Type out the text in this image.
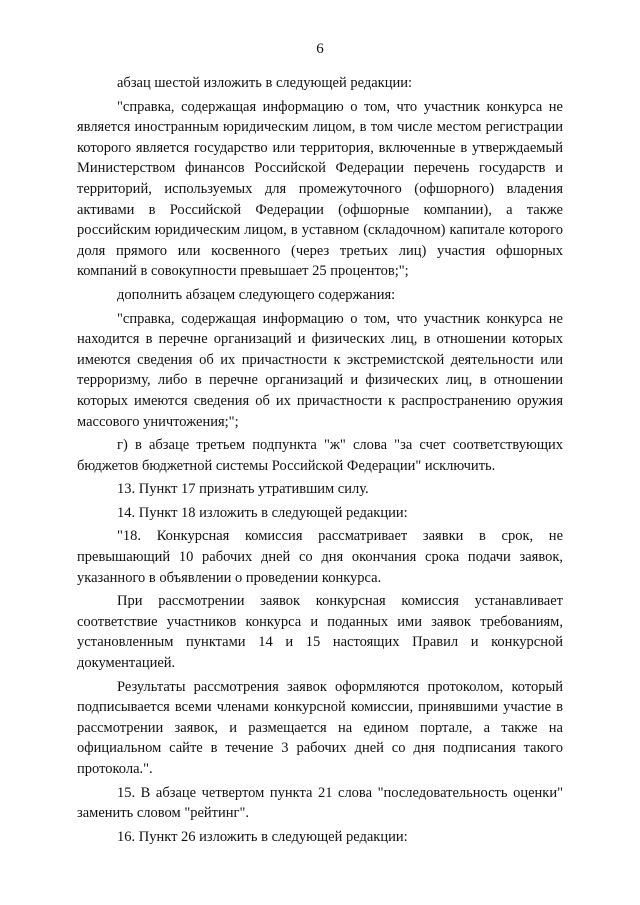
6

абзац шестой изложить в следующей редакции:

"справка, содержащая информацию о том, что участник конкурса не является иностранным юридическим лицом, в том числе местом регистрации которого является государство или территория, включенные в утверждаемый Министерством финансов Российской Федерации перечень государств и территорий, используемых для промежуточного (офшорного) владения активами в Российской Федерации (офшорные компании), а также российским юридическим лицом, в уставном (складочном) капитале которого доля прямого или косвенного (через третьих лиц) участия офшорных компаний в совокупности превышает 25 процентов;";

дополнить абзацем следующего содержания:

"справка, содержащая информацию о том, что участник конкурса не находится в перечне организаций и физических лиц, в отношении которых имеются сведения об их причастности к экстремистской деятельности или терроризму, либо в перечне организаций и физических лиц, в отношении которых имеются сведения об их причастности к распространению оружия массового уничтожения;";

г) в абзаце третьем подпункта "ж" слова "за счет соответствующих бюджетов бюджетной системы Российской Федерации" исключить.

13. Пункт 17 признать утратившим силу.

14. Пункт 18 изложить в следующей редакции:

"18. Конкурсная комиссия рассматривает заявки в срок, не превышающий 10 рабочих дней со дня окончания срока подачи заявок, указанного в объявлении о проведении конкурса.

При рассмотрении заявок конкурсная комиссия устанавливает соответствие участников конкурса и поданных ими заявок требованиям, установленным пунктами 14 и 15 настоящих Правил и конкурсной документацией.

Результаты рассмотрения заявок оформляются протоколом, который подписывается всеми членами конкурсной комиссии, принявшими участие в рассмотрении заявок, и размещается на едином портале, а также на официальном сайте в течение 3 рабочих дней со дня подписания такого протокола.".

15. В абзаце четвертом пункта 21 слова "последовательность оценки" заменить словом "рейтинг".

16. Пункт 26 изложить в следующей редакции:
